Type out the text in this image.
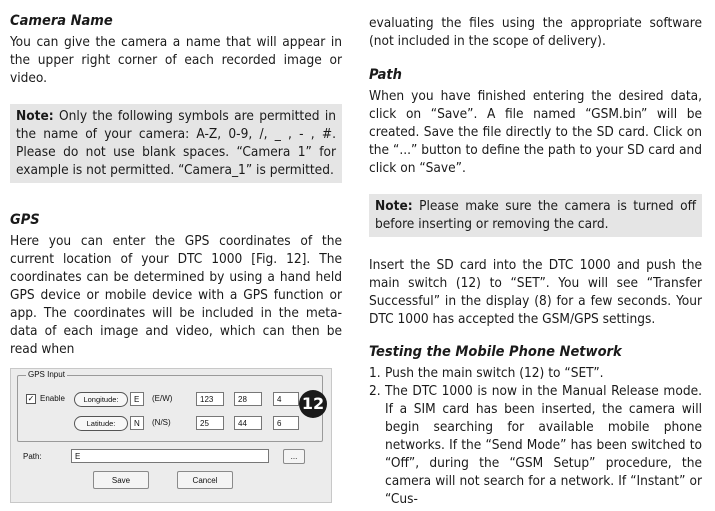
Camera Name

You can give the camera a name that will appear in the upper right corner of each recorded image or video.

Note: Only the following symbols are permitted in the name of your camera: A-Z, 0-9, /, _ , - , #. Please do not use blank spaces. “Camera 1” for example is not permitted. “Camera_1” is permitted.

GPS

Here you can enter the GPS coordinates of the current location of your DTC 1000 [Fig. 12]. The coordinates can be determined by using a hand held GPS device or mobile device with a GPS function or app. The coordinates will be included in the meta-data of each image and video, which can then be read when

GPS Input
✓ Enable	Longitude:	E	(E/W)	123	28	4
Latitude:	N	(N/S)	25	44	6
Path:	E	...
Save	Cancel
12

evaluating the files using the appropriate software (not included in the scope of delivery).

Path

When you have finished entering the desired data, click on “Save”. A file named “GSM.bin” will be created. Save the file directly to the SD card. Click on the “...” button to define the path to your SD card and click on “Save”.

Note: Please make sure the camera is turned off before inserting or removing the card.

Insert the SD card into the DTC 1000 and push the main switch (12) to “SET”. You will see “Transfer Successful” in the display (8) for a few seconds. Your DTC 1000 has accepted the GSM/GPS settings.

Testing the Mobile Phone Network

1. Push the main switch (12) to “SET”.
2. The DTC 1000 is now in the Manual Release mode. If a SIM card has been inserted, the camera will begin searching for available mobile phone networks. If the “Send Mode” has been switched to “Off”, during the “GSM Setup” procedure, the camera will not search for a network. If “Instant” or “Cus-
